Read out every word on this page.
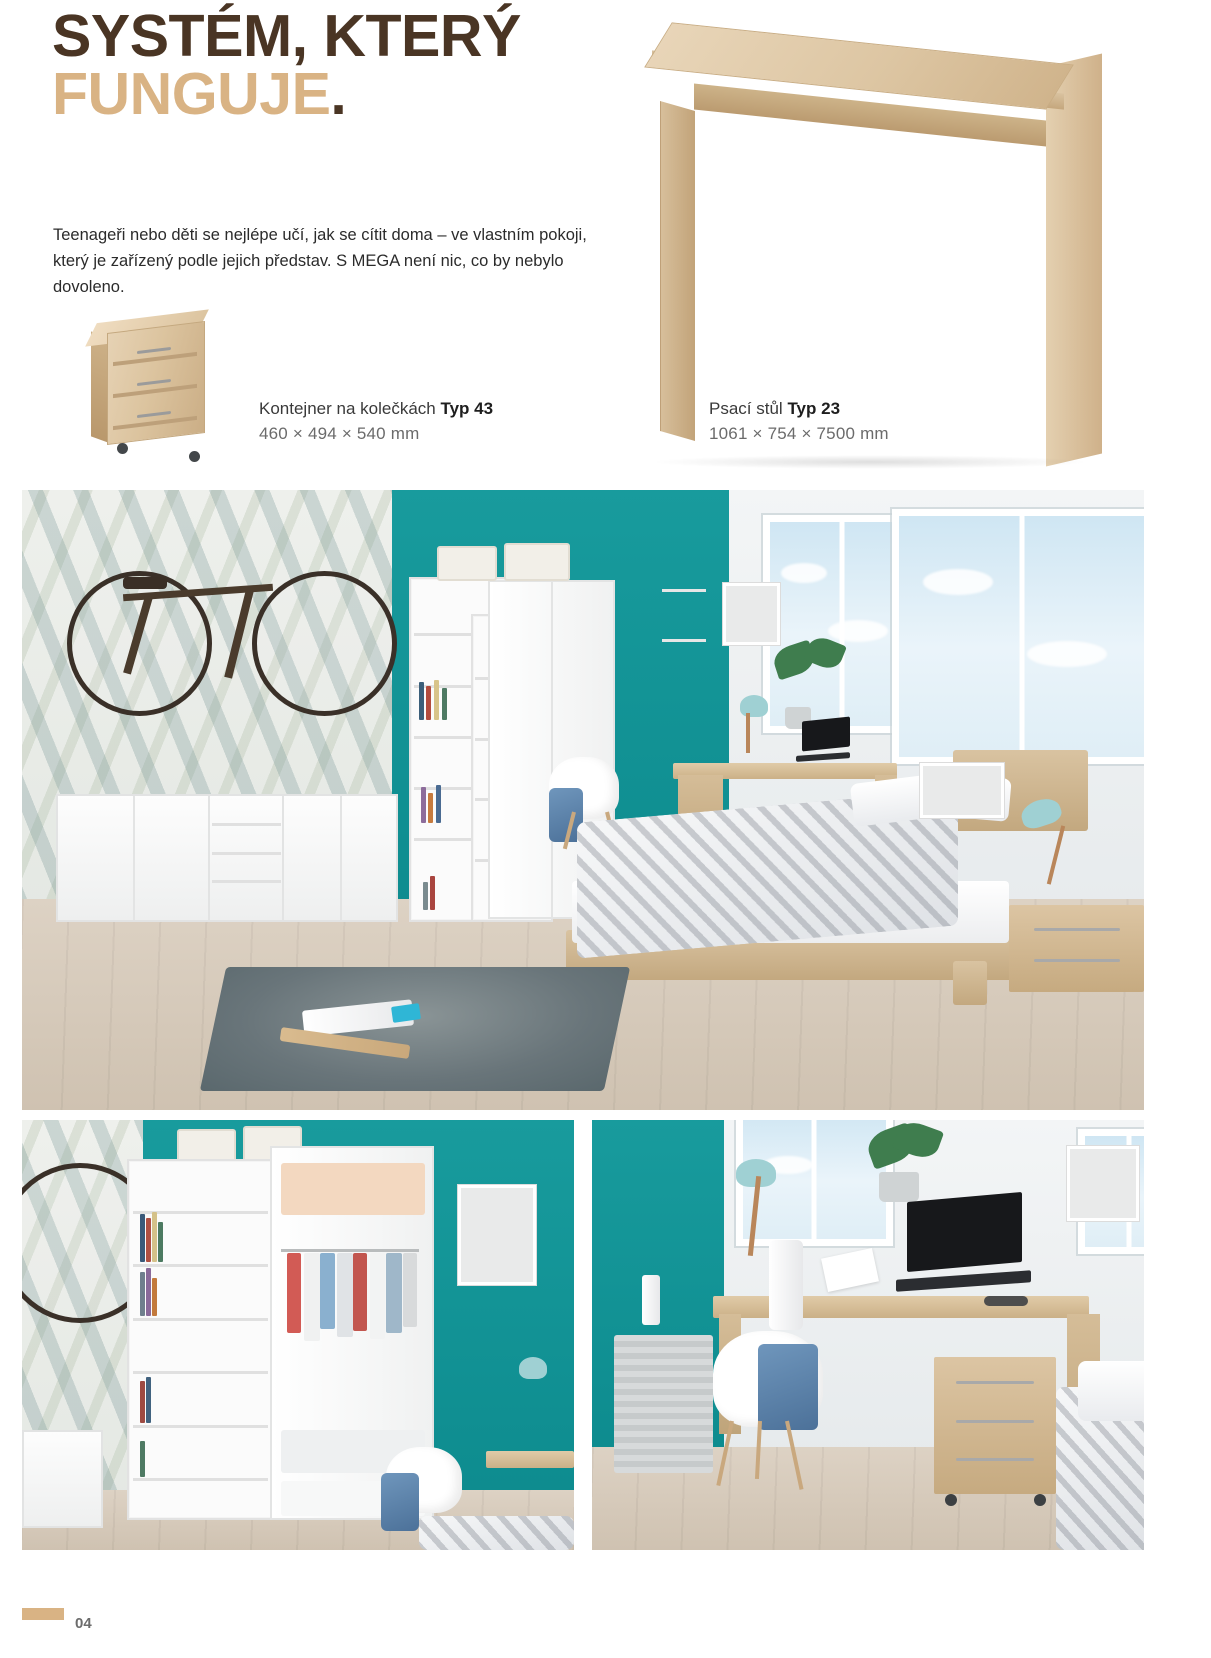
SYSTÉM, KTERÝ
FUNGUJE.

Teenageři nebo děti se nejlépe učí, jak se cítit doma – ve vlastním pokoji, který je zařízený podle jejich představ. S MEGA není nic, co by nebylo dovoleno.

Kontejner na kolečkách Typ 43
460 × 494 × 540 mm
Psací stůl Typ 23
1061 × 754 × 7500 mm
04
